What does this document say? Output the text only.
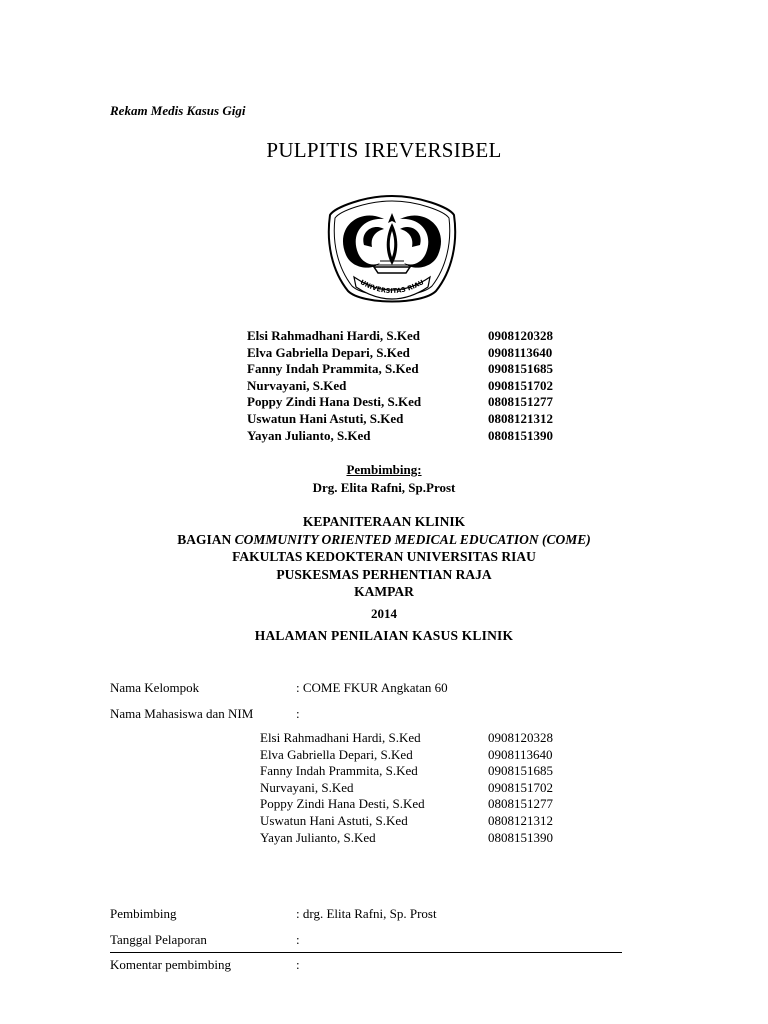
Rekam Medis Kasus Gigi
PULPITIS IREVERSIBEL
UNIVERSITAS RIAU
Elsi Rahmadhani Hardi, S.Ked	0908120328
Elva Gabriella Depari, S.Ked	0908113640
Fanny Indah Prammita, S.Ked	0908151685
Nurvayani, S.Ked	0908151702
Poppy Zindi Hana Desti, S.Ked	0808151277
Uswatun Hani Astuti, S.Ked	0808121312
Yayan Julianto, S.Ked	0808151390
Pembimbing:
Drg. Elita Rafni, Sp.Prost
KEPANITERAAN KLINIK
BAGIAN COMMUNITY ORIENTED MEDICAL EDUCATION (COME)
FAKULTAS KEDOKTERAN UNIVERSITAS RIAU
PUSKESMAS PERHENTIAN RAJA
KAMPAR
2014
HALAMAN PENILAIAN KASUS KLINIK
Nama Kelompok	: COME FKUR Angkatan 60
Nama Mahasiswa dan NIM	:
Elsi Rahmadhani Hardi, S.Ked	0908120328
Elva Gabriella Depari, S.Ked	0908113640
Fanny Indah Prammita, S.Ked	0908151685
Nurvayani, S.Ked	0908151702
Poppy Zindi Hana Desti, S.Ked	0808151277
Uswatun Hani Astuti, S.Ked	0808121312
Yayan Julianto, S.Ked	0808151390
Pembimbing	: drg. Elita Rafni, Sp. Prost
Tanggal Pelaporan	:
Komentar pembimbing	:
